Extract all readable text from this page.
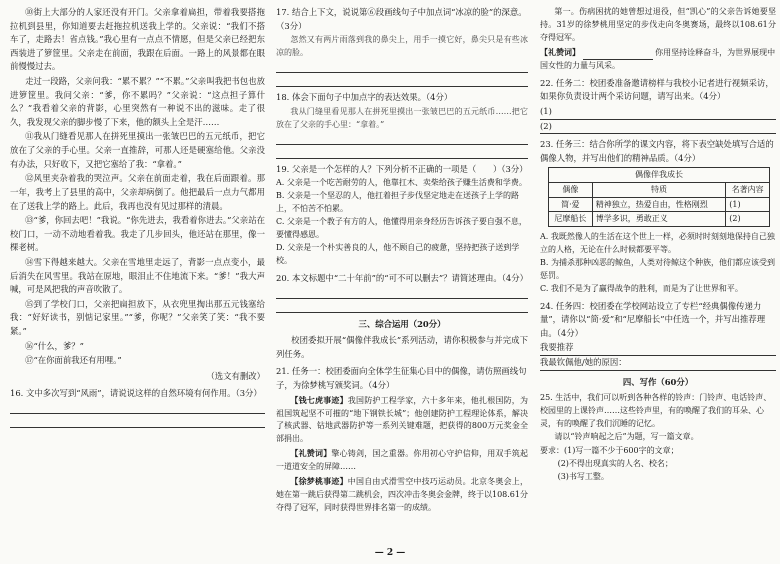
⑩街上大部分的人家还没有开门。父亲拿着扁担，带着我要搭拖拉机到县里，你知道要去赶拖拉机送我上学的。父亲说：“我们不搭车了，走路去！省点钱。”我心里有一点点不情愿，但是父亲已经把东西装进了箩筐里。父亲走在前面，我跟在后面。一路上的风景都在眼前慢慢过去。

走过一段路，父亲问我：“累不累？”“不累。”父亲叫我把书包也放进箩筐里。我问父亲：“爹，你不累吗？”父亲说：“这点担子算什么？”我看着父亲的背影，心里突然有一种说不出的滋味。走了很久，我发现父亲的脚步慢了下来，他的额头上全是汗……

⑪我从门缝看见那人在拼死里摸出一张皱巴巴的五元纸币，把它放在了父亲的手心里。父亲一直推辞，可那人还是硬塞给他。父亲没有办法，只好收下，又把它塞给了我：“拿着。”

⑫风里夹杂着我的哭泣声。父亲在前面走着，我在后面跟着。那一年，我考上了县里的高中，父亲却病倒了。他把最后一点力气都用在了送我上学的路上。此后，我再也没有见过那样的清晨。

⑬“爹，你回去吧！”我说。“你先进去，我看着你进去。”父亲站在校门口，一动不动地看着我。我走了几步回头，他还站在那里，像一棵老树。

⑭雪下得越来越大。父亲在雪地里走远了，背影一点点变小，最后消失在风雪里。我站在原地，眼泪止不住地流下来。“爹！”我大声喊，可是风把我的声音吹散了。

⑮到了学校门口，父亲把扁担放下，从衣兜里掏出那五元钱塞给我：“好好读书，别惦记家里。”“爹，你呢？”父亲笑了笑：“我不要紧。”

⑯“什么，爹？”

⑰“在你面前我还有用哩。”

（选文有删改）

16. 文中多次写到“风雨”，请说说这样的自然环境有何作用。（3分）

17. 结合上下文，说说第⑥段画线句子中加点词“冰凉的脸”的深意。（3分）

忽然又有两片雨落到我的鼻尖上，用手一摸它好，鼻尖只是有些冰凉的脸。

18. 体会下面句子中加点字的表达效果。（4分）

我从门缝里看见那人在拼死里摸出一张皱巴巴的五元纸币……把它放在了父亲的手心里：“拿着。”

19. 父亲是一个怎样的人？下列分析不正确的一项是（　　）（3分）

A. 父亲是一个吃苦耐劳的人，他靠扛木、卖柴给孩子赚生活费和学费。

B. 父亲是一个坚忍的人，他扛着担子步伐坚定地走在送孩子上学的路上，不怕苦不怕累。

C. 父亲是一个教子有方的人，他懂得用亲身经历告诉孩子要自强不息，要懂得感恩。

D. 父亲是一个朴实善良的人，他不顾自己的疲惫，坚持把孩子送到学校。

20. 本文标题中“二十年前”的“可不可以删去”？请简述理由。（4分）

三、综合运用（20分）

校团委拟开展“偶像伴我成长”系列活动，请你积极参与并完成下列任务。

21. 任务一：校团委面向全体学生征集心目中的偶像，请仿照画线句子，为徐梦桃写颁奖词。（4分）

【钱七虎事迹】我国防护工程学家，六十多年来，他扎根国防，为祖国筑起坚不可摧的“地下钢铁长城”；他创建防护工程理论体系，解决了核武器、钻地武器防护等一系列关键难题，把获得的800万元奖金全部捐出。

【礼赞词】擎心铸剑，国之重器。你用初心守护信仰，用双手筑起一道道安全的屏障……

【徐梦桃事迹】中国自由式滑雪空中技巧运动员。北京冬奥会上，她在第一跳后获得第二跳机会，四次冲击冬奥会金牌，终于以108.61分夺得了冠军，同时获得世界排名第一的成绩。

第一。伤病困扰的她曾想过退役，但“凯心”的父亲告诉她要坚持。31岁的徐梦桃用坚定的步伐走向冬奥赛场，最终以108.61分夺得冠军。

【礼赞词】	你用坚持诠释奋斗，为世界展现中国女性的力量与风采。

22. 任务二：校团委准备邀请榜样与我校小记者进行视频采访，如果你负责设计两个采访问题，请写出来。（4分）

(1)

(2)

23. 任务三：结合你所学的课文内容，将下表空缺处填写合适的偶像人物，并写出他们的精神品质。（4分）

偶像伴我成长		
偶像	特质	名著内容
简·爱	精神独立，热爱自由，性格刚烈	(1)
尼摩船长	博学多识，勇敢正义	(2)

A. 我既然像人的生活在这个世上一样，必须时时刻刻地保持自己独立的人格，无论在什么时候都要平等。

B. 为捕杀那种凶恶的鲸鱼，人类对待鲸这个种族，他们都应该受到惩罚。

C. 我们不是为了赢得战争的胜利，而是为了让世界和平。

24. 任务四：校团委在学校网站设立了专栏“经典偶像传递力量”，请你以“简·爱”和“尼摩船长”中任选一个，并写出推荐理由。（4分）

我要推荐

我最钦佩他/她的原因：

四、写作（60分）

25. 生活中，我们可以听到各种各样的铃声：门铃声、电话铃声、校园里的上课铃声……这些铃声里，有的唤醒了我们的耳朵、心灵，有的唤醒了我们沉睡的记忆。

请以“铃声响起之后”为题，写一篇文章。

要求：(1)写一篇不少于600字的文章；

(2)不得出现真实的人名、校名；

(3)书写工整。

— 2 —
